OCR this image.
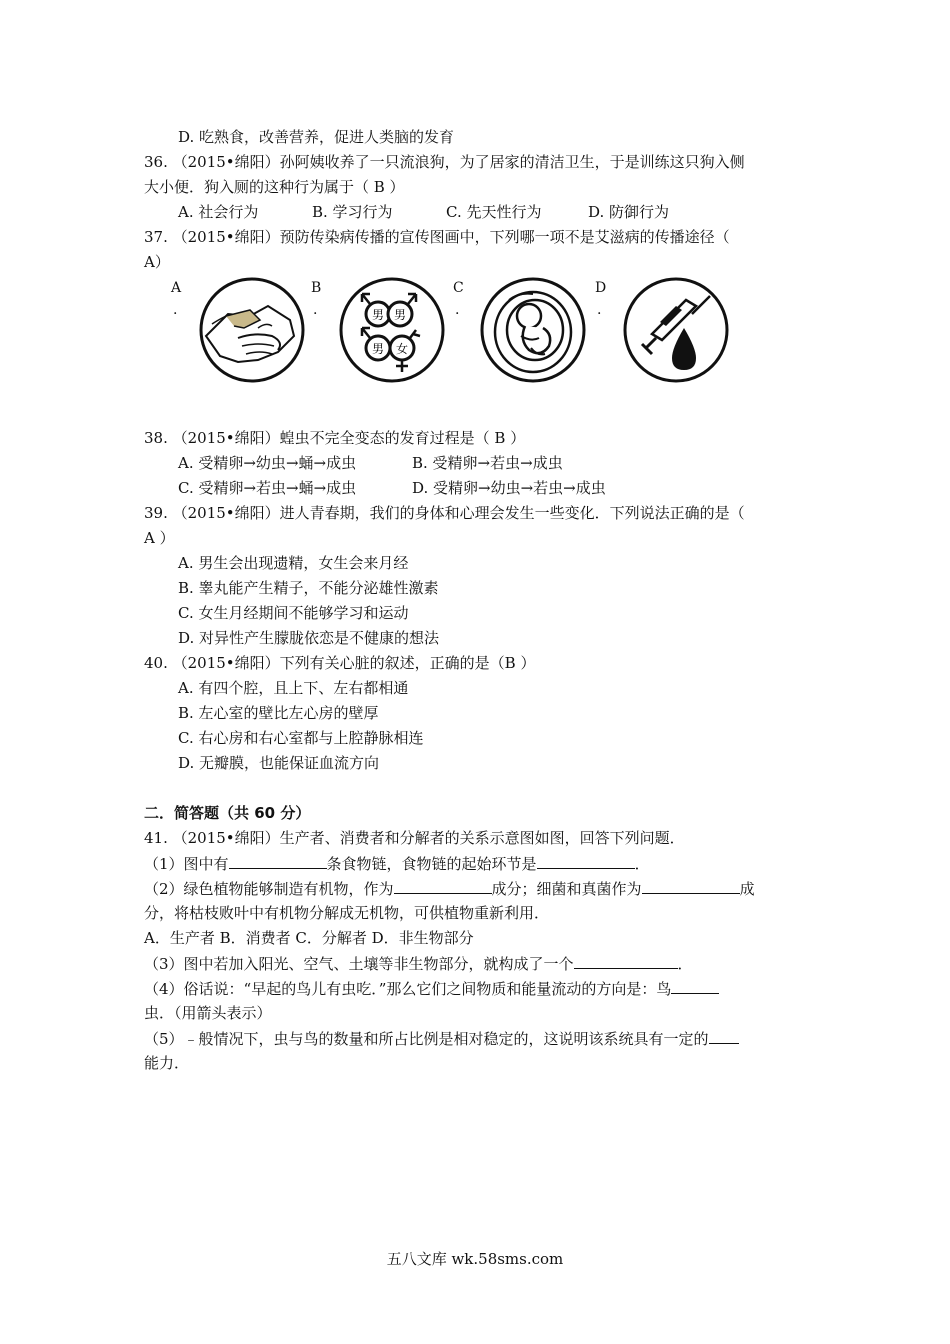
D. 吃熟食，改善营养，促进人类脑的发育
36. （2015•绵阳）孙阿姨收养了一只流浪狗，为了居家的清洁卫生，于是训练这只狗入侧
大小便．狗入厕的这种行为属于（ B ）
A. 社会行为	B. 学习行为	C. 先天性行为	D. 防御行为
37. （2015•绵阳）预防传染病传播的宣传图画中，下列哪一项不是艾滋病的传播途径（
A）
A
.
B
.
C
.
D
.
男 男
男 女
38. （2015•绵阳）蝗虫不完全变态的发育过程是（ B ）
A. 受精卵→幼虫→蛹→成虫	B. 受精卵→若虫→成虫
C. 受精卵→若虫→蛹→成虫	D. 受精卵→幼虫→若虫→成虫
39. （2015•绵阳）进人青春期，我们的身体和心理会发生一些变化．下列说法正确的是（
A ）
A. 男生会出现遗精，女生会来月经
B. 睾丸能产生精子，不能分泌雄性激素
C. 女生月经期间不能够学习和运动
D. 对异性产生朦胧依恋是不健康的想法
40. （2015•绵阳）下列有关心脏的叙述，正确的是（B ）
A. 有四个腔，且上下、左右都相通
B. 左心室的壁比左心房的壁厚
C. 右心房和右心室都与上腔静脉相连
D. 无瓣膜，也能保证血流方向
二．简答题（共 60 分）
41. （2015•绵阳）生产者、消费者和分解者的关系示意图如图，回答下列问题．
（1）图中有	条食物链，食物链的起始环节是	．
（2）绿色植物能够制造有机物，作为	成分；细菌和真菌作为	成
分，将枯枝败叶中有机物分解成无机物，可供植物重新利用．
A．生产者 B．消费者 C．分解者 D．非生物部分
（3）图中若加入阳光、空气、土壤等非生物部分，就构成了一个	．
（4）俗话说：“早起的鸟儿有虫吃．”那么它们之间物质和能量流动的方向是：鸟
虫．（用箭头表示）
（5）﹣般情况下，虫与鸟的数量和所占比例是相对稳定的，这说明该系统具有一定的
能力．
五八文库 wk.58sms.com
